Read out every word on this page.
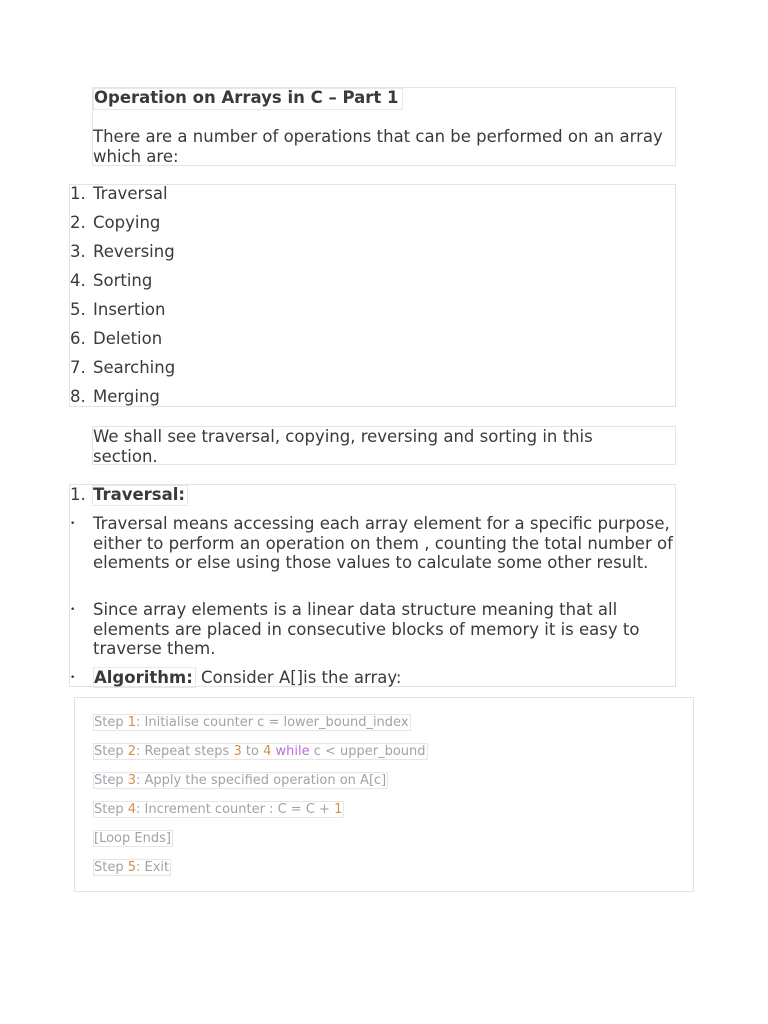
Operation on Arrays in C – Part 1
There are a number of operations that can be performed on an array which are:
1. Traversal
2. Copying
3. Reversing
4. Sorting
5. Insertion
6. Deletion
7. Searching
8. Merging
We shall see traversal, copying, reversing and sorting in this section.
1. Traversal:
• Traversal means accessing each array element for a specific purpose, either to perform an operation on them , counting the total number of elements or else using those values to calculate some other result.
• Since array elements is a linear data structure meaning that all elements are placed in consecutive blocks of memory it is easy to traverse them.
• Algorithm: Consider A[]is the array:
Step 1: Initialise counter c = lower_bound_index
Step 2: Repeat steps 3 to 4 while c < upper_bound
Step 3: Apply the specified operation on A[c]
Step 4: Increment counter : C = C + 1
[Loop Ends]
Step 5: Exit
